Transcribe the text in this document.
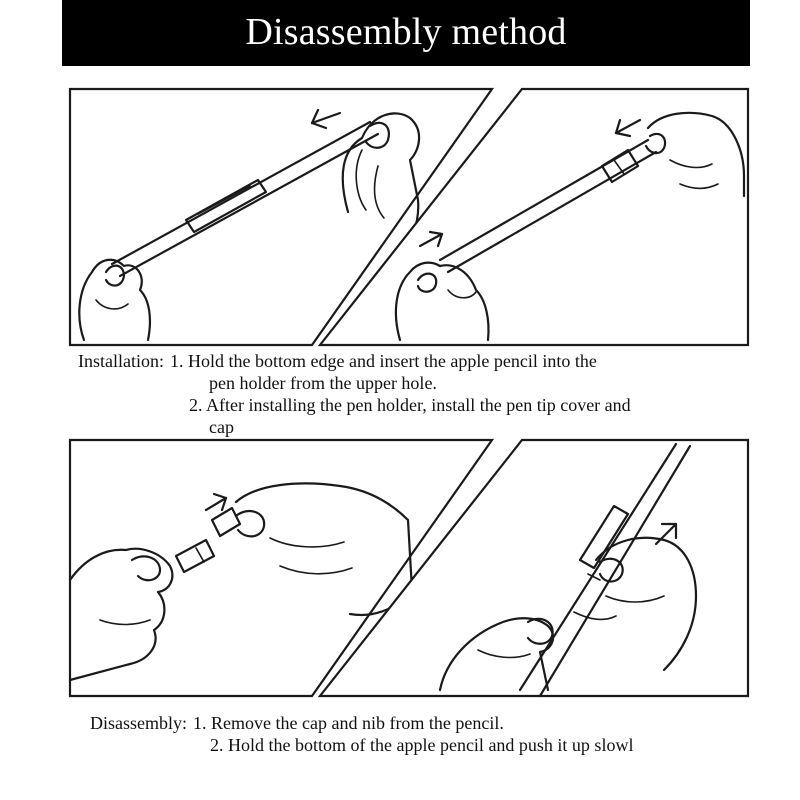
Disassembly method
Installation: 1. Hold the bottom edge and insert the apple pencil into the
pen holder from the upper hole.
2. After installing the pen holder, install the pen tip cover and
cap
Disassembly: 1. Remove the cap and nib from the pencil.
2. Hold the bottom of the apple pencil and push it up slowl
